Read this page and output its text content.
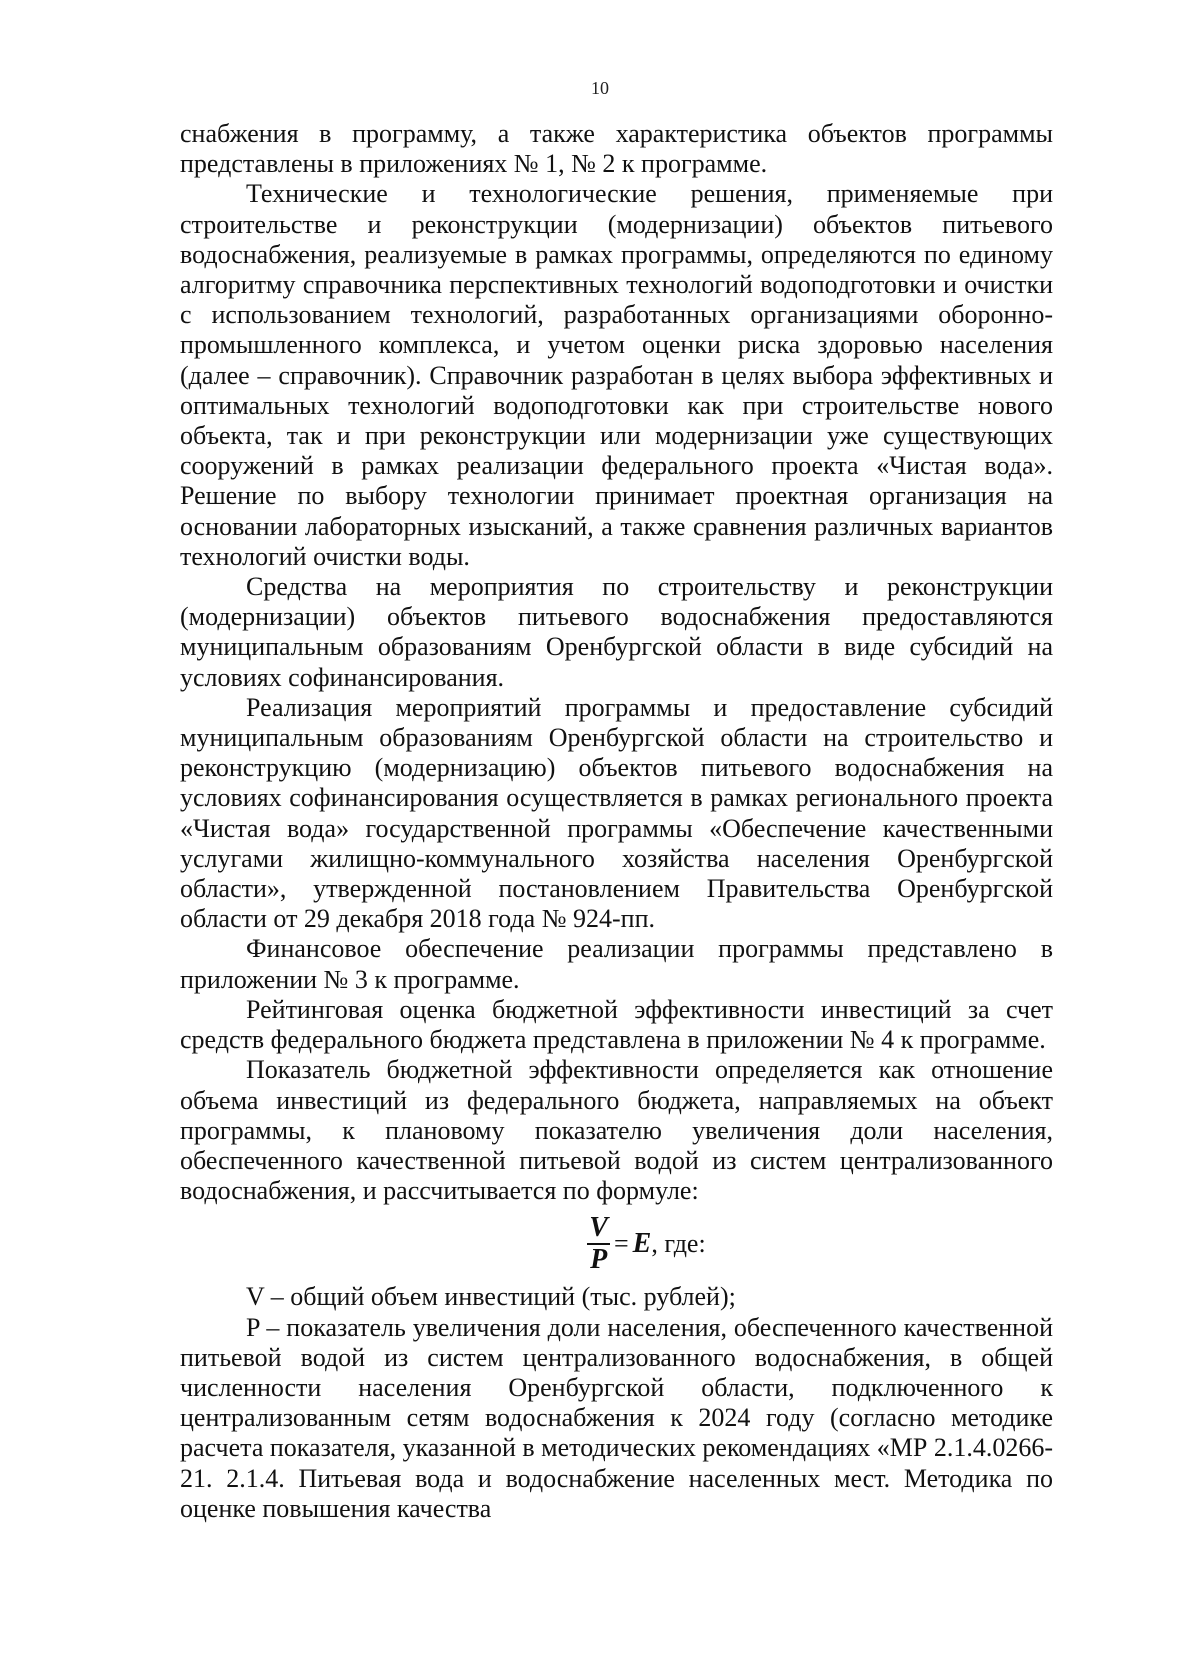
10

снабжения в программу, а также характеристика объектов программы представлены в приложениях № 1, № 2 к программе.

Технические и технологические решения, применяемые при строительстве и реконструкции (модернизации) объектов питьевого водоснабжения, реализуемые в рамках программы, определяются по единому алгоритму справочника перспективных технологий водоподготовки и очистки с использованием технологий, разработанных организациями оборонно-промышленного комплекса, и учетом оценки риска здоровью населения (далее – справочник). Справочник разработан в целях выбора эффективных и оптимальных технологий водоподготовки как при строительстве нового объекта, так и при реконструкции или модернизации уже существующих сооружений в рамках реализации федерального проекта «Чистая вода». Решение по выбору технологии принимает проектная организация на основании лабораторных изысканий, а также сравнения различных вариантов технологий очистки воды.

Средства на мероприятия по строительству и реконструкции (модернизации) объектов питьевого водоснабжения предоставляются муниципальным образованиям Оренбургской области в виде субсидий на условиях софинансирования.

Реализация мероприятий программы и предоставление субсидий муниципальным образованиям Оренбургской области на строительство и реконструкцию (модернизацию) объектов питьевого водоснабжения на условиях софинансирования осуществляется в рамках регионального проекта «Чистая вода» государственной программы «Обеспечение качественными услугами жилищно-коммунального хозяйства населения Оренбургской области», утвержденной постановлением Правительства Оренбургской области от 29 декабря 2018 года № 924-пп.

Финансовое обеспечение реализации программы представлено в приложении № 3 к программе.

Рейтинговая оценка бюджетной эффективности инвестиций за счет средств федерального бюджета представлена в приложении № 4 к программе.

Показатель бюджетной эффективности определяется как отношение объема инвестиций из федерального бюджета, направляемых на объект программы, к плановому показателю увеличения доли населения, обеспеченного качественной питьевой водой из систем централизованного водоснабжения, и рассчитывается по формуле:

$\frac{V}{P} = E$ , где:

V – общий объем инвестиций (тыс. рублей);

P – показатель увеличения доли населения, обеспеченного качественной питьевой водой из систем централизованного водоснабжения, в общей численности населения Оренбургской области, подключенного к централизованным сетям водоснабжения к 2024 году (согласно методике расчета показателя, указанной в методических рекомендациях «МР 2.1.4.0266-21. 2.1.4. Питьевая вода и водоснабжение населенных мест. Методика по оценке повышения качества
